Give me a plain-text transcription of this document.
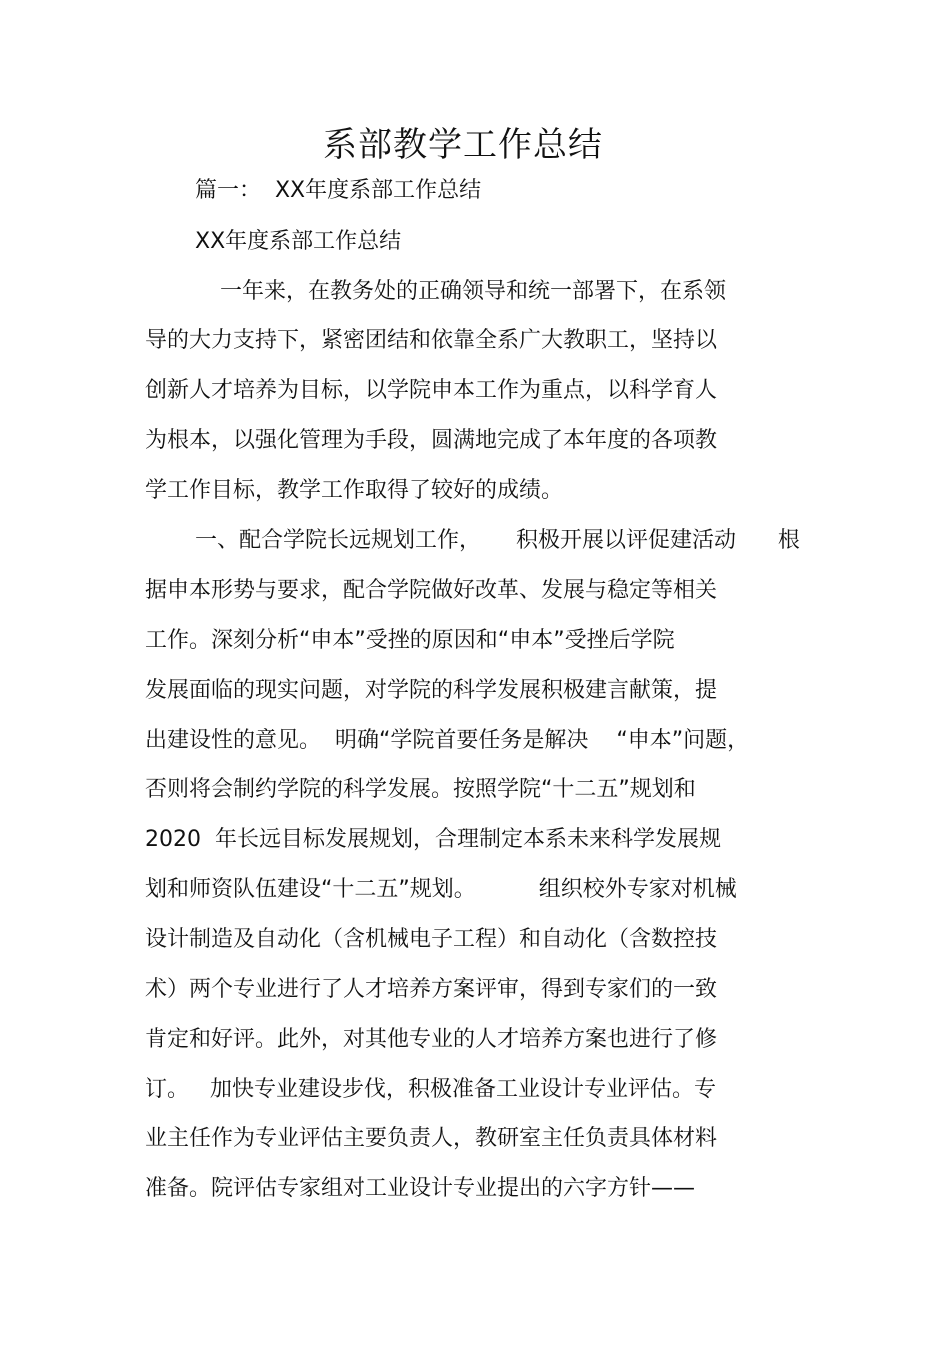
系部教学工作总结

篇一：  XX年度系部工作总结

XX年度系部工作总结

一年来，在教务处的正确领导和统一部署下，在系领

导的大力支持下，紧密团结和依靠全系广大教职工，坚持以

创新人才培养为目标，以学院申本工作为重点，以科学育人

为根本，以强化管理为手段，圆满地完成了本年度的各项教

学工作目标，教学工作取得了较好的成绩。

一、配合学院长远规划工作，     积极开展以评促建活动      根

据申本形势与要求，配合学院做好改革、发展与稳定等相关

工作。深刻分析“申本”受挫的原因和“申本”受挫后学院

发展面临的现实问题，对学院的科学发展积极建言献策，提

出建设性的意见。  明确“学院首要任务是解决    “申本”问题，

否则将会制约学院的科学发展。按照学院“十二五”规划和

2020  年长远目标发展规划，合理制定本系未来科学发展规

划和师资队伍建设“十二五”规划。         组织校外专家对机械

设计制造及自动化（含机械电子工程）和自动化（含数控技

术）两个专业进行了人才培养方案评审，得到专家们的一致

肯定和好评。此外，对其他专业的人才培养方案也进行了修

订。   加快专业建设步伐，积极准备工业设计专业评估。专

业主任作为专业评估主要负责人，教研室主任负责具体材料

准备。院评估专家组对工业设计专业提出的六字方针——
